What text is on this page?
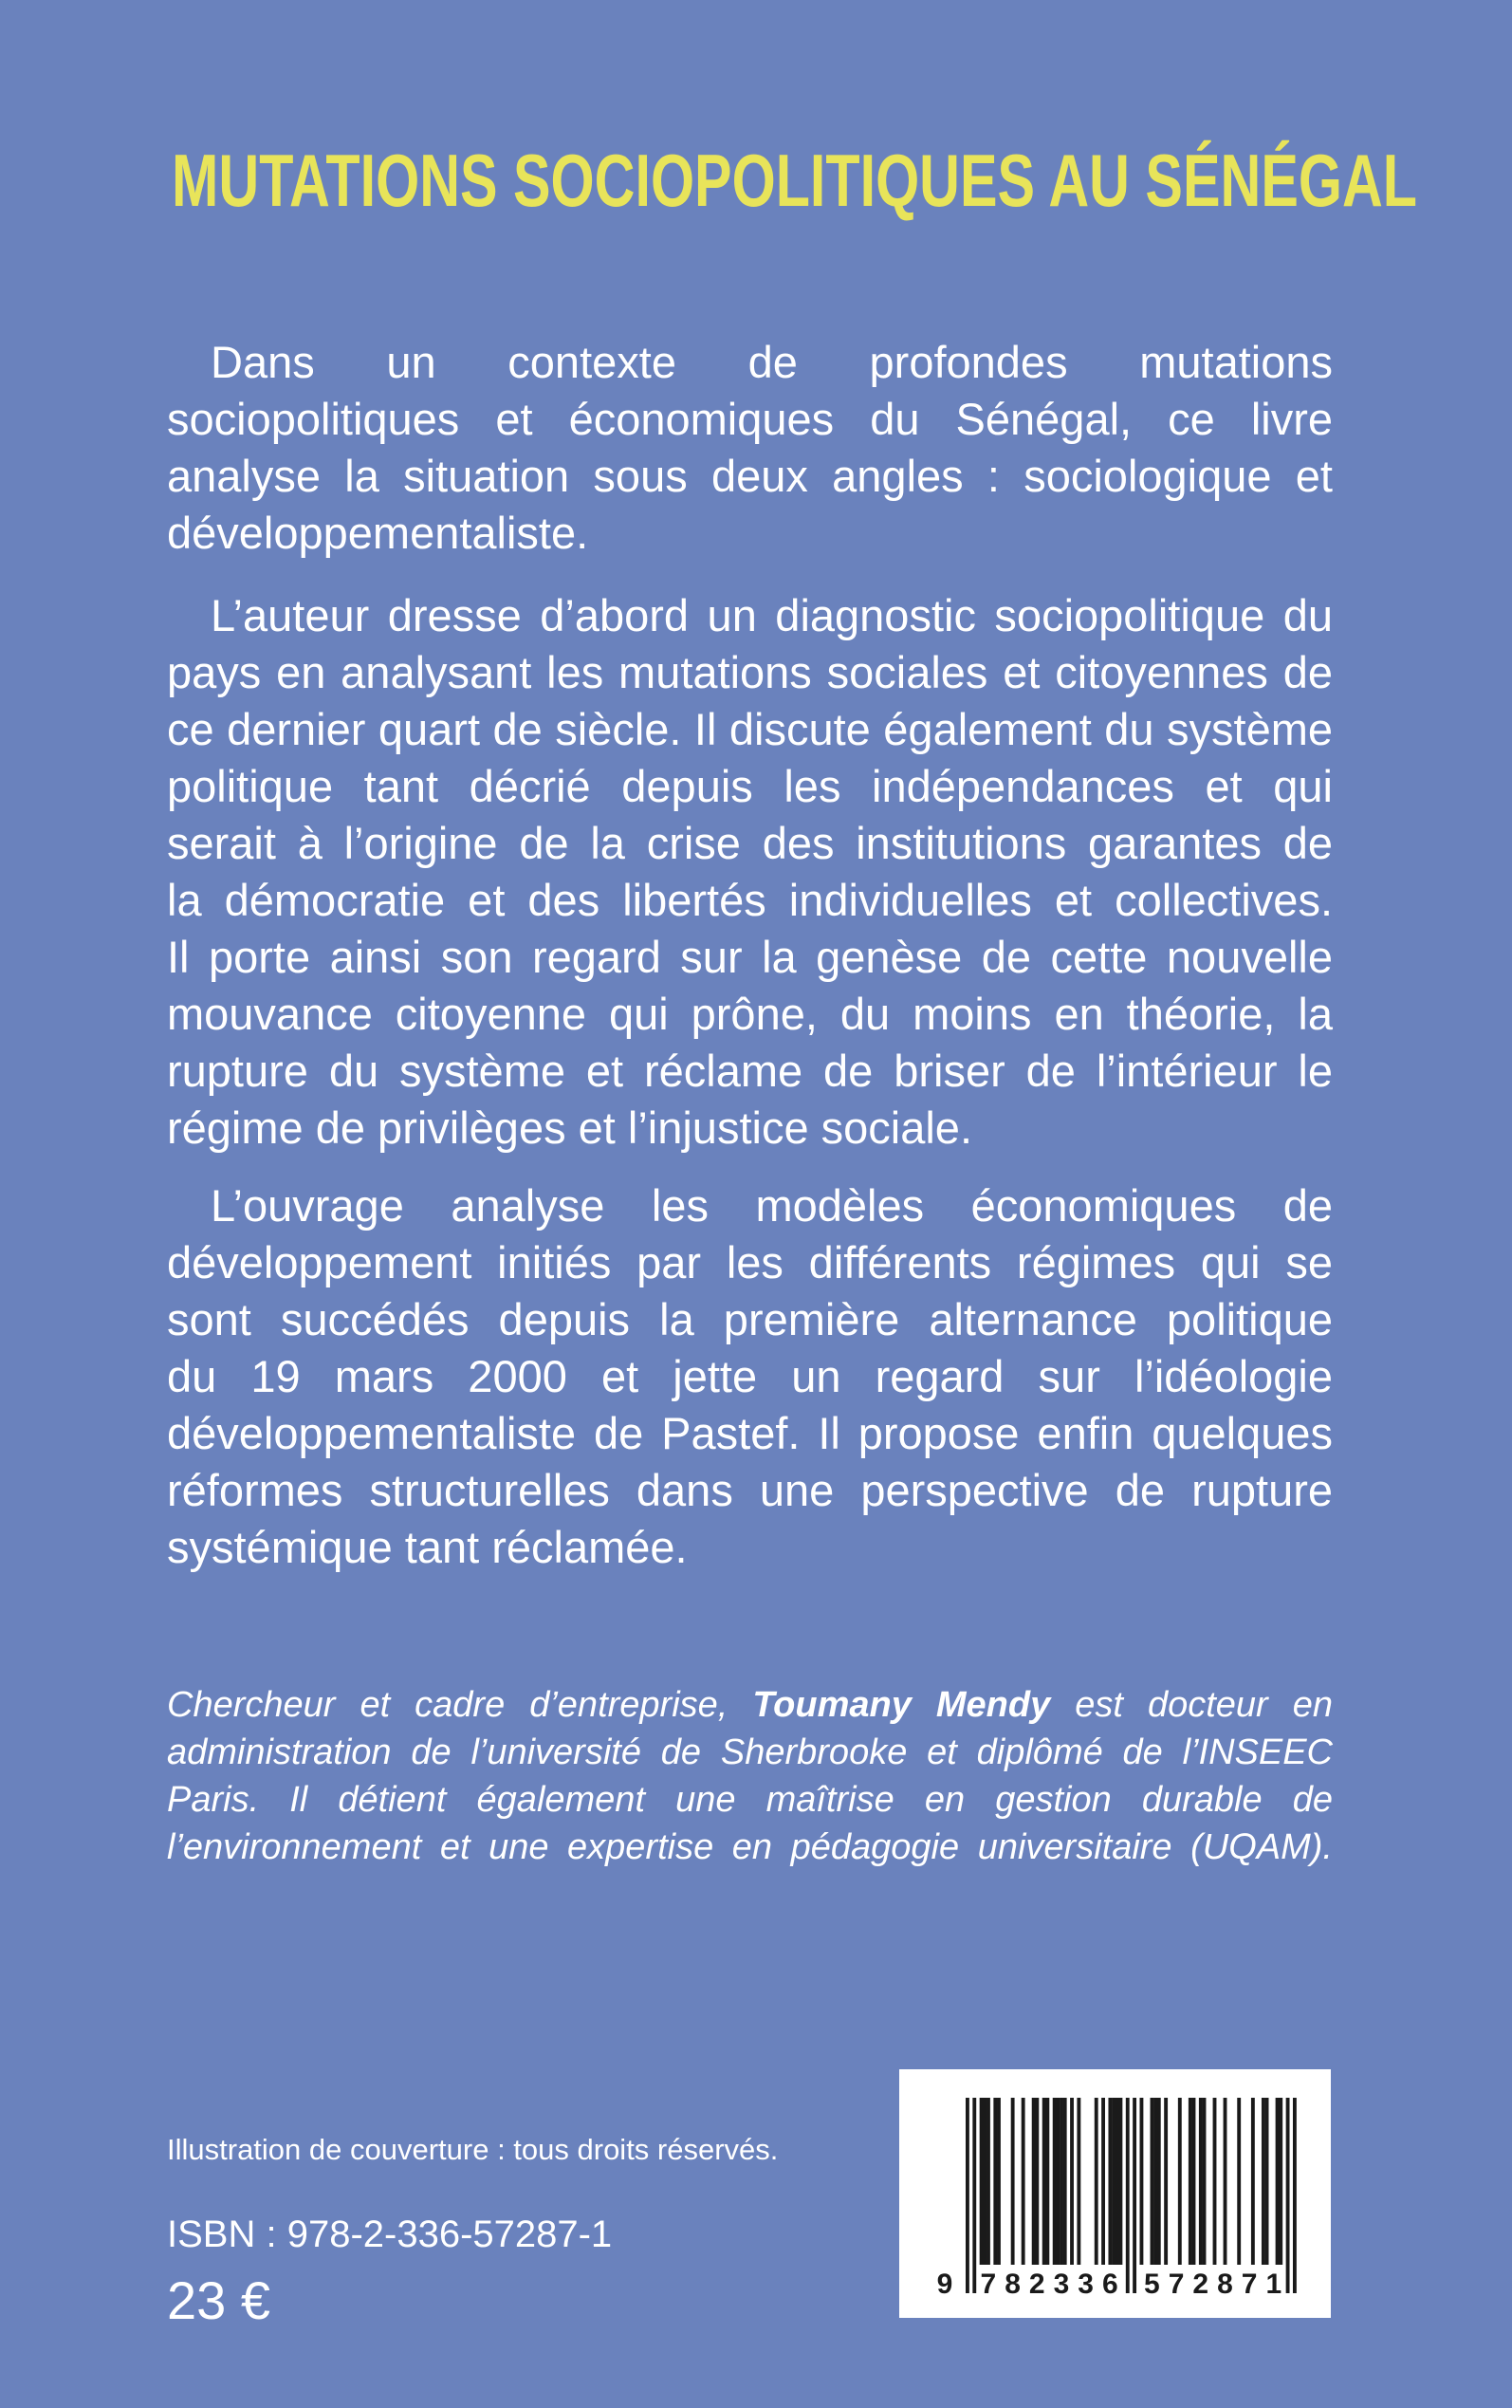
MUTATIONS SOCIOPOLITIQUES AU SÉNÉGAL
Dans un contexte de profondes mutations
sociopolitiques et économiques du Sénégal, ce livre
analyse la situation sous deux angles : sociologique et
développementaliste.
L’auteur dresse d’abord un diagnostic sociopolitique du
pays en analysant les mutations sociales et citoyennes de
ce dernier quart de siècle. Il discute également du système
politique tant décrié depuis les indépendances et qui
serait à l’origine de la crise des institutions garantes de
la démocratie et des libertés individuelles et collectives.
Il porte ainsi son regard sur la genèse de cette nouvelle
mouvance citoyenne qui prône, du moins en théorie, la
rupture du système et réclame de briser de l’intérieur le
régime de privilèges et l’injustice sociale.
L’ouvrage analyse les modèles économiques de
développement initiés par les différents régimes qui se
sont succédés depuis la première alternance politique
du 19 mars 2000 et jette un regard sur l’idéologie
développementaliste de Pastef. Il propose enfin quelques
réformes structurelles dans une perspective de rupture
systémique tant réclamée.
Chercheur et cadre d’entreprise, Toumany Mendy est docteur en
administration de l’université de Sherbrooke et diplômé de l’INSEEC
Paris. Il détient également une maîtrise en gestion durable de
l’environnement et une expertise en pédagogie universitaire (UQAM).
Illustration de couverture : tous droits réservés.
ISBN : 978-2-336-57287-1
23 €	9 7 8 2 3 3 6 5 7 2 8 7 1
